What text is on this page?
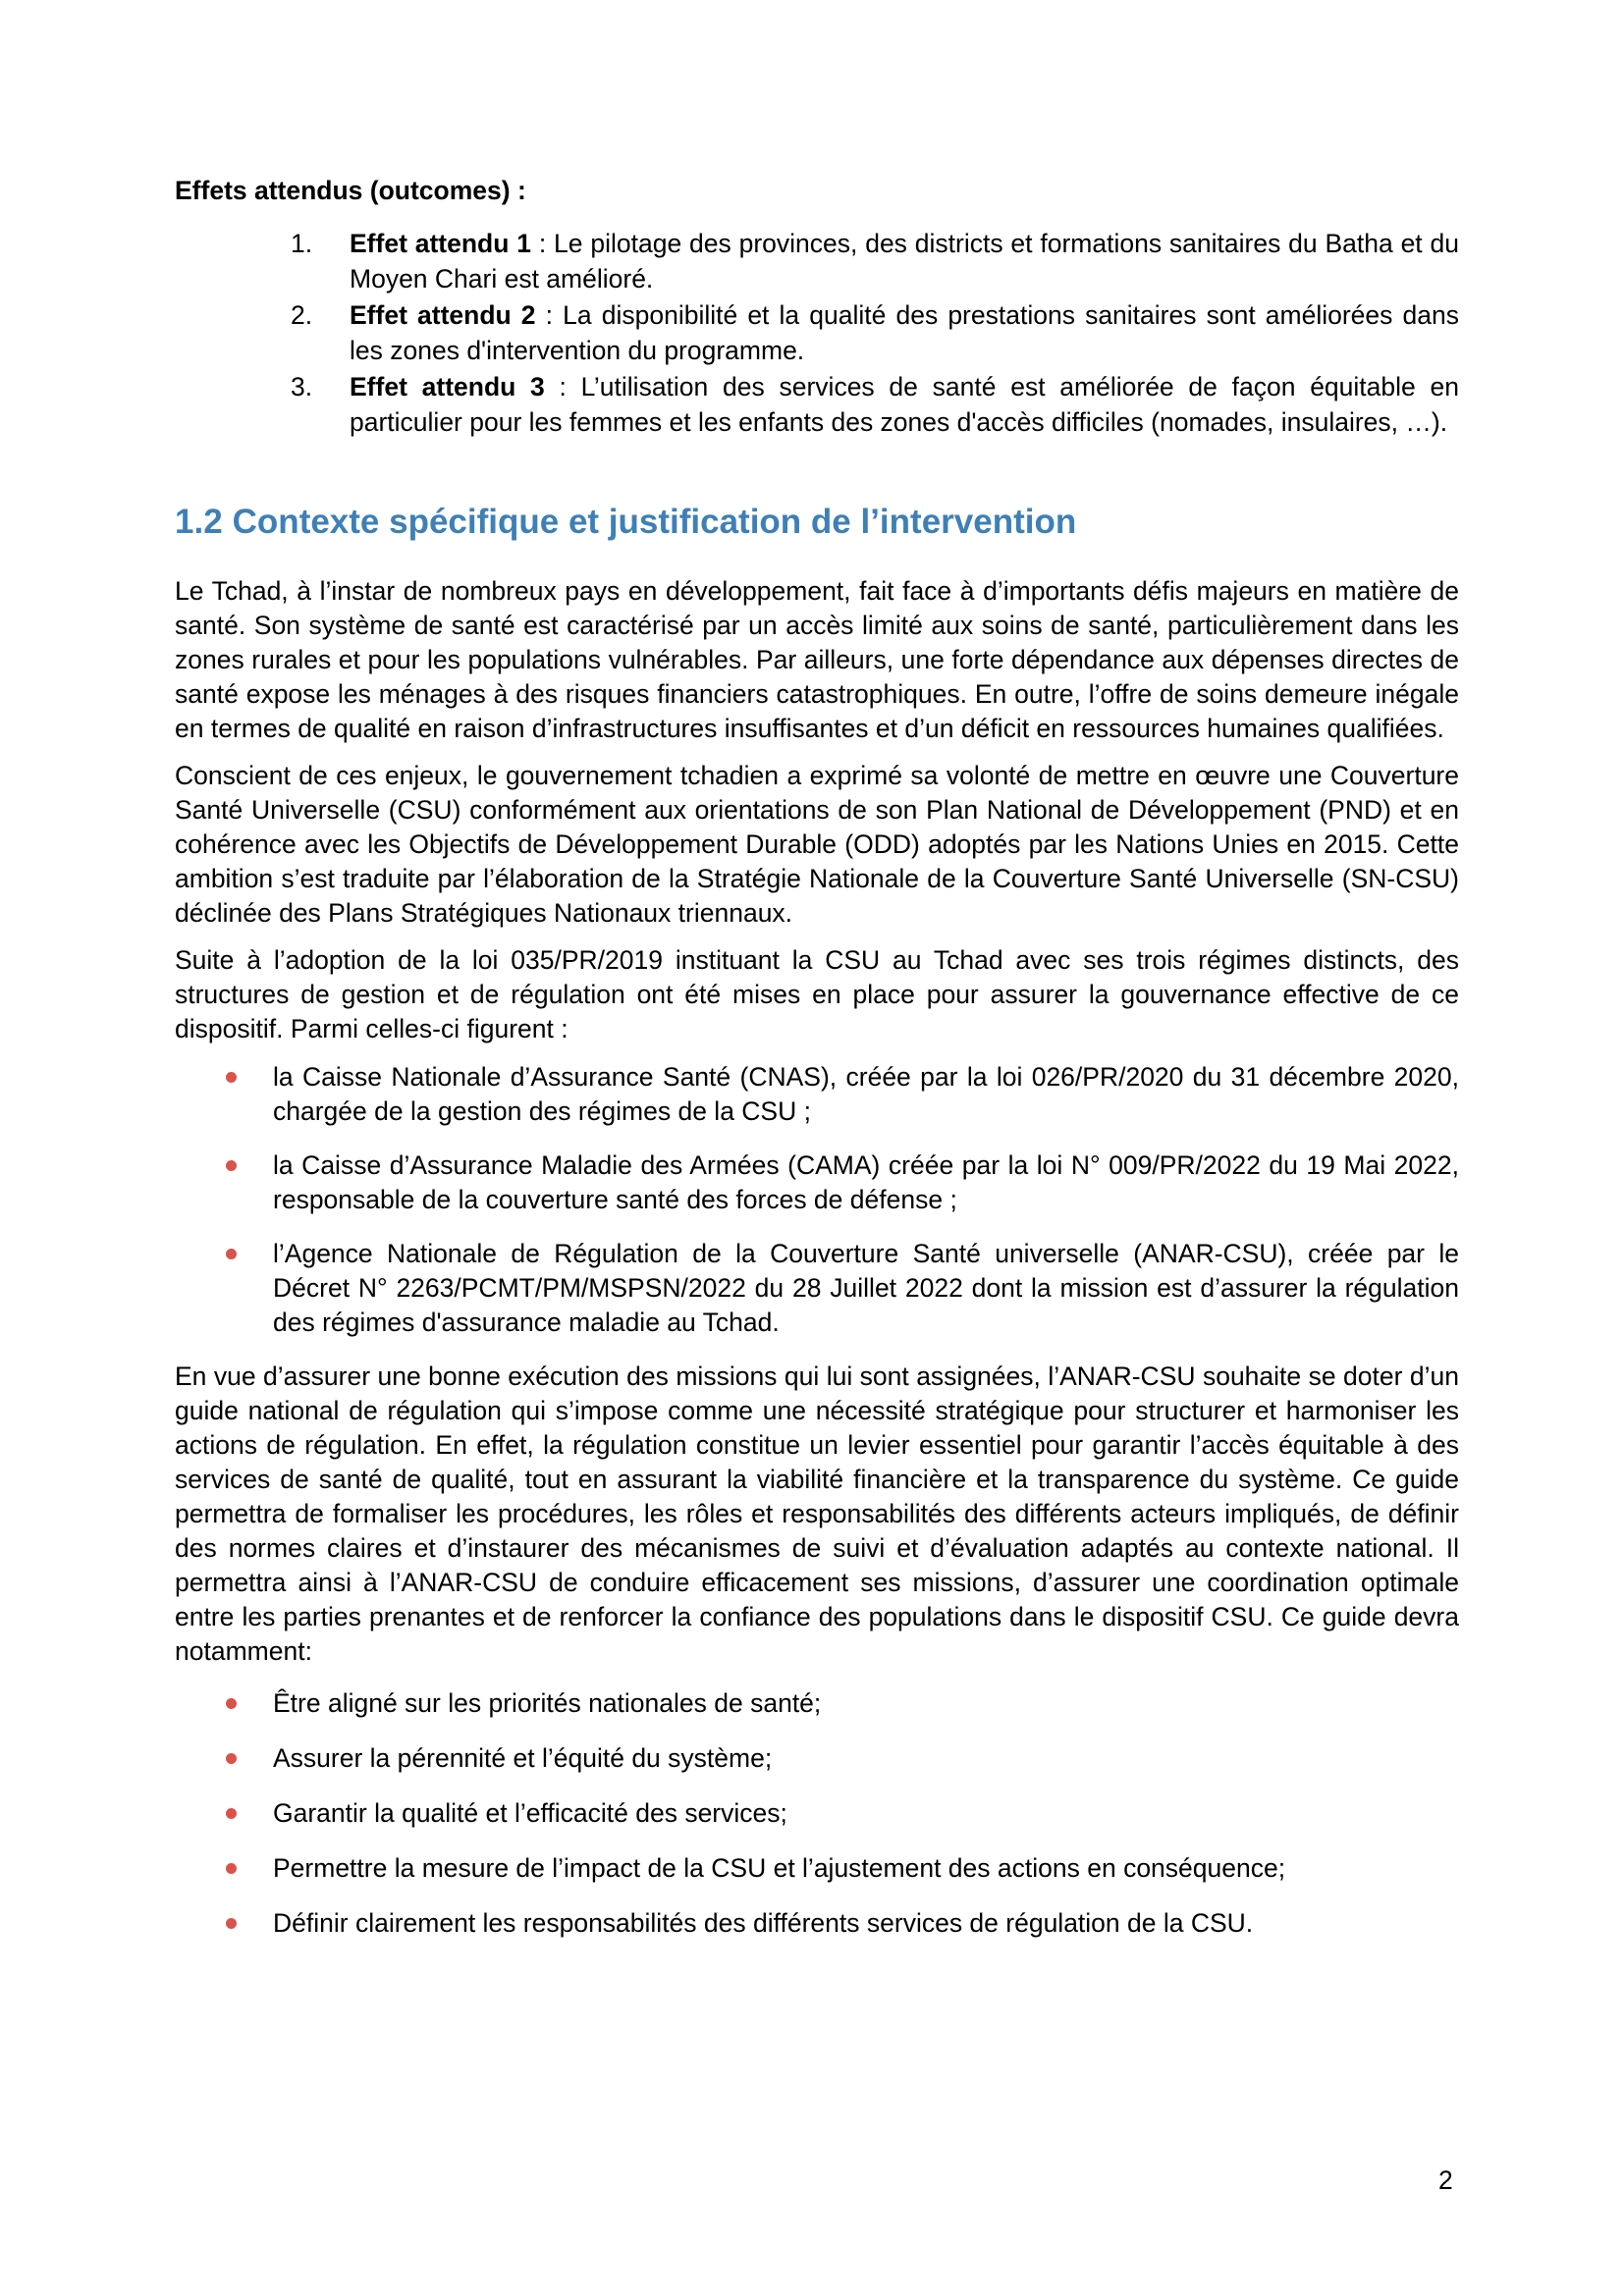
Effets attendus (outcomes) :

1. Effet attendu 1 : Le pilotage des provinces, des districts et formations sanitaires du Batha et du Moyen Chari est amélioré.
2. Effet attendu 2 : La disponibilité et la qualité des prestations sanitaires sont améliorées dans les zones d'intervention du programme.
3. Effet attendu 3 : L’utilisation des services de santé est améliorée de façon équitable en particulier pour les femmes et les enfants des zones d'accès difficiles (nomades, insulaires, …).
1.2 Contexte spécifique et justification de l’intervention

Le Tchad, à l’instar de nombreux pays en développement, fait face à d’importants défis majeurs en matière de santé. Son système de santé est caractérisé par un accès limité aux soins de santé, particulièrement dans les zones rurales et pour les populations vulnérables. Par ailleurs, une forte dépendance aux dépenses directes de santé expose les ménages à des risques financiers catastrophiques. En outre, l’offre de soins demeure inégale en termes de qualité en raison d’infrastructures insuffisantes et d’un déficit en ressources humaines qualifiées.

Conscient de ces enjeux, le gouvernement tchadien a exprimé sa volonté de mettre en œuvre une Couverture Santé Universelle (CSU) conformément aux orientations de son Plan National de Développement (PND) et en cohérence avec les Objectifs de Développement Durable (ODD) adoptés par les Nations Unies en 2015. Cette ambition s’est traduite par l’élaboration de la Stratégie Nationale de la Couverture Santé Universelle (SN-CSU) déclinée des Plans Stratégiques Nationaux triennaux.

Suite à l’adoption de la loi 035/PR/2019 instituant la CSU au Tchad avec ses trois régimes distincts, des structures de gestion et de régulation ont été mises en place pour assurer la gouvernance effective de ce dispositif. Parmi celles-ci figurent :

la Caisse Nationale d’Assurance Santé (CNAS), créée par la loi 026/PR/2020 du 31 décembre 2020, chargée de la gestion des régimes de la CSU ;
la Caisse d’Assurance Maladie des Armées (CAMA) créée par la loi N° 009/PR/2022 du 19 Mai 2022, responsable de la couverture santé des forces de défense ;
l’Agence Nationale de Régulation de la Couverture Santé universelle (ANAR-CSU), créée par le Décret N° 2263/PCMT/PM/MSPSN/2022 du 28 Juillet 2022 dont la mission est d’assurer la régulation des régimes d'assurance maladie au Tchad.

En vue d’assurer une bonne exécution des missions qui lui sont assignées, l’ANAR-CSU souhaite se doter d’un guide national de régulation qui s’impose comme une nécessité stratégique pour structurer et harmoniser les actions de régulation. En effet, la régulation constitue un levier essentiel pour garantir l’accès équitable à des services de santé de qualité, tout en assurant la viabilité financière et la transparence du système. Ce guide permettra de formaliser les procédures, les rôles et responsabilités des différents acteurs impliqués, de définir des normes claires et d’instaurer des mécanismes de suivi et d’évaluation adaptés au contexte national. Il permettra ainsi à l’ANAR-CSU de conduire efficacement ses missions, d’assurer une coordination optimale entre les parties prenantes et de renforcer la confiance des populations dans le dispositif CSU. Ce guide devra notamment:

Être aligné sur les priorités nationales de santé;
Assurer la pérennité et l’équité du système;
Garantir la qualité et l’efficacité des services;
Permettre la mesure de l’impact de la CSU et l’ajustement des actions en conséquence;
Définir clairement les responsabilités des différents services de régulation de la CSU.
2
